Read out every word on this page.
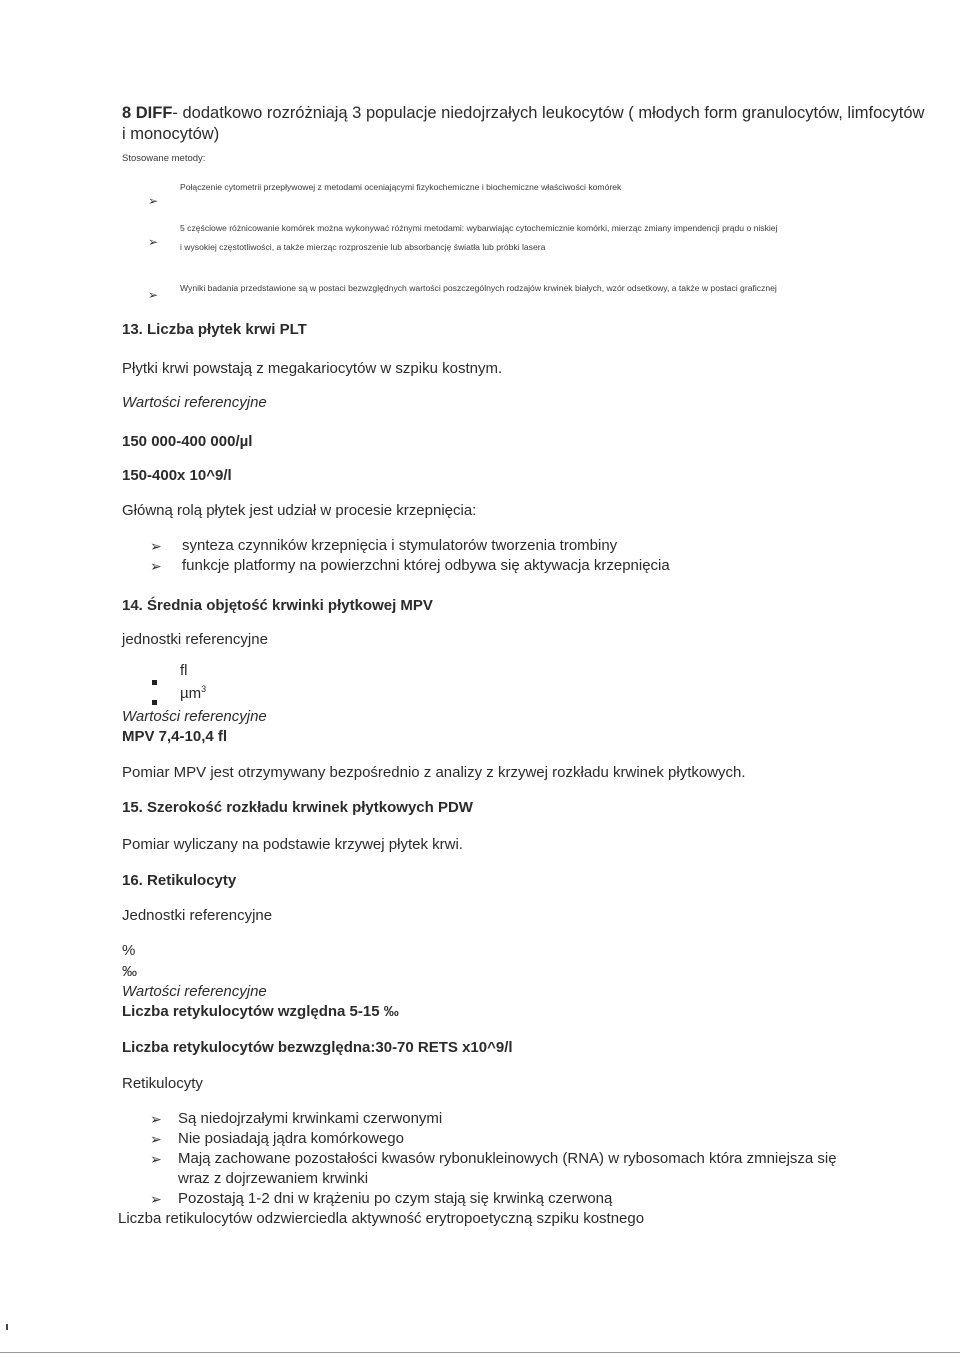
8 DIFF- dodatkowo rozróżniają 3 populacje niedojrzałych leukocytów ( młodych form granulocytów, limfocytów
i monocytów)
Stosowane metody:
➢
Połączenie cytometrii przepływowej z metodami oceniającymi fizykochemiczne i biochemiczne właściwości komórek
➢
5 częściowe różnicowanie komórek można wykonywać różnymi metodami: wybarwiając cytochemicznie komórki, mierząc zmiany impendencji prądu o niskiej
i wysokiej częstotliwości, a także mierząc rozproszenie lub absorbancję światła lub próbki lasera
➢	Wyniki badania przedstawione są w postaci bezwzględnych wartości poszczególnych rodzajów krwinek białych, wzór odsetkowy, a także w postaci graficznej
13. Liczba płytek krwi PLT
Płytki krwi powstają z megakariocytów w szpiku kostnym.
Wartości referencyjne
150 000-400 000/µl
150-400x 10^9/l
Główną rolą płytek jest udział w procesie krzepnięcia:
➢ synteza czynników krzepnięcia i stymulatorów tworzenia trombiny
➢ funkcje platformy na powierzchni której odbywa się aktywacja krzepnięcia
14. Średnia objętość krwinki płytkowej MPV
jednostki referencyjne
fl
µm$^3$
Wartości referencyjne
MPV 7,4-10,4 fl
Pomiar MPV jest otrzymywany bezpośrednio z analizy z krzywej rozkładu krwinek płytkowych.
15. Szerokość rozkładu krwinek płytkowych PDW
Pomiar wyliczany na podstawie krzywej płytek krwi.
16. Retikulocyty
Jednostki referencyjne
%
‰
Wartości referencyjne
Liczba retykulocytów względna 5-15 ‰
Liczba retykulocytów bezwzględna:30-70 RETS x10^9/l
Retikulocyty
➢ Są niedojrzałymi krwinkami czerwonymi
➢ Nie posiadają jądra komórkowego
➢ Mają zachowane pozostałości kwasów rybonukleinowych (RNA) w rybosomach która zmniejsza się
wraz z dojrzewaniem krwinki
➢ Pozostają 1-2 dni w krążeniu po czym stają się krwinką czerwoną
Liczba retikulocytów odzwierciedla aktywność erytropoetyczną szpiku kostnego
